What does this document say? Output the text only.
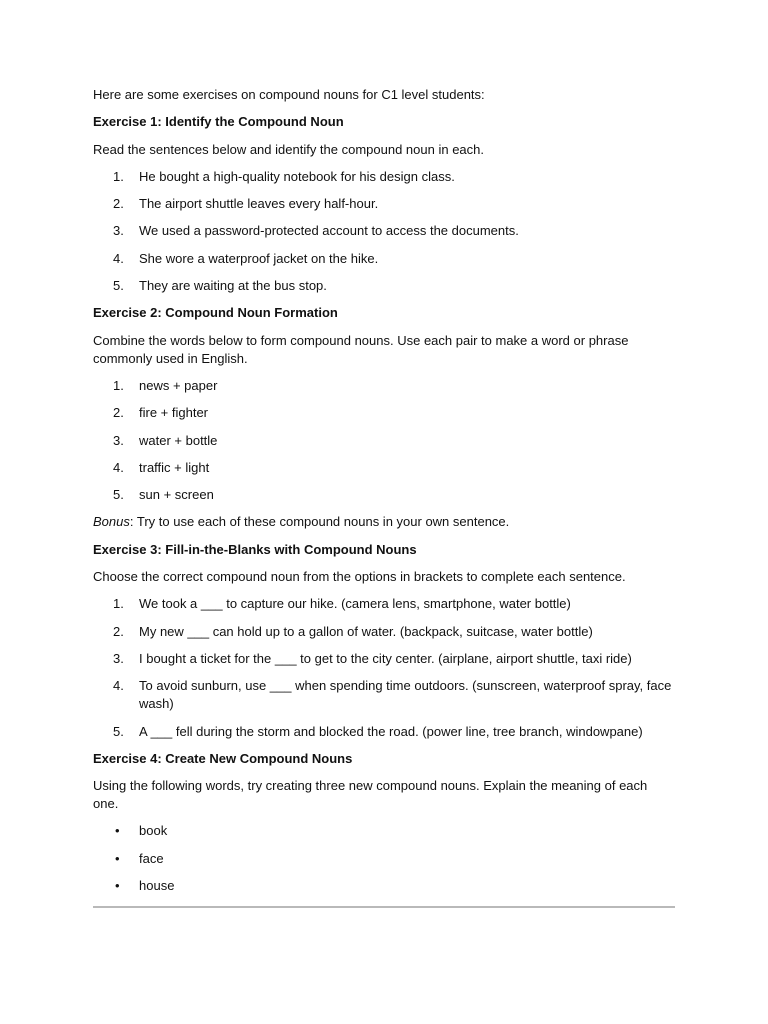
Here are some exercises on compound nouns for C1 level students:

Exercise 1: Identify the Compound Noun

Read the sentences below and identify the compound noun in each.

1.	He bought a high-quality notebook for his design class.
2.	The airport shuttle leaves every half-hour.
3.	We used a password-protected account to access the documents.
4.	She wore a waterproof jacket on the hike.
5.	They are waiting at the bus stop.

Exercise 2: Compound Noun Formation

Combine the words below to form compound nouns. Use each pair to make a word or phrase commonly used in English.

1.	news + paper
2.	fire + fighter
3.	water + bottle
4.	traffic + light
5.	sun + screen

Bonus: Try to use each of these compound nouns in your own sentence.

Exercise 3: Fill-in-the-Blanks with Compound Nouns

Choose the correct compound noun from the options in brackets to complete each sentence.

1.	We took a ___ to capture our hike. (camera lens, smartphone, water bottle)
2.	My new ___ can hold up to a gallon of water. (backpack, suitcase, water bottle)
3.	I bought a ticket for the ___ to get to the city center. (airplane, airport shuttle, taxi ride)
4.	To avoid sunburn, use ___ when spending time outdoors. (sunscreen, waterproof spray, face wash)
5.	A ___ fell during the storm and blocked the road. (power line, tree branch, windowpane)

Exercise 4: Create New Compound Nouns

Using the following words, try creating three new compound nouns. Explain the meaning of each one.

• book
• face
• house
